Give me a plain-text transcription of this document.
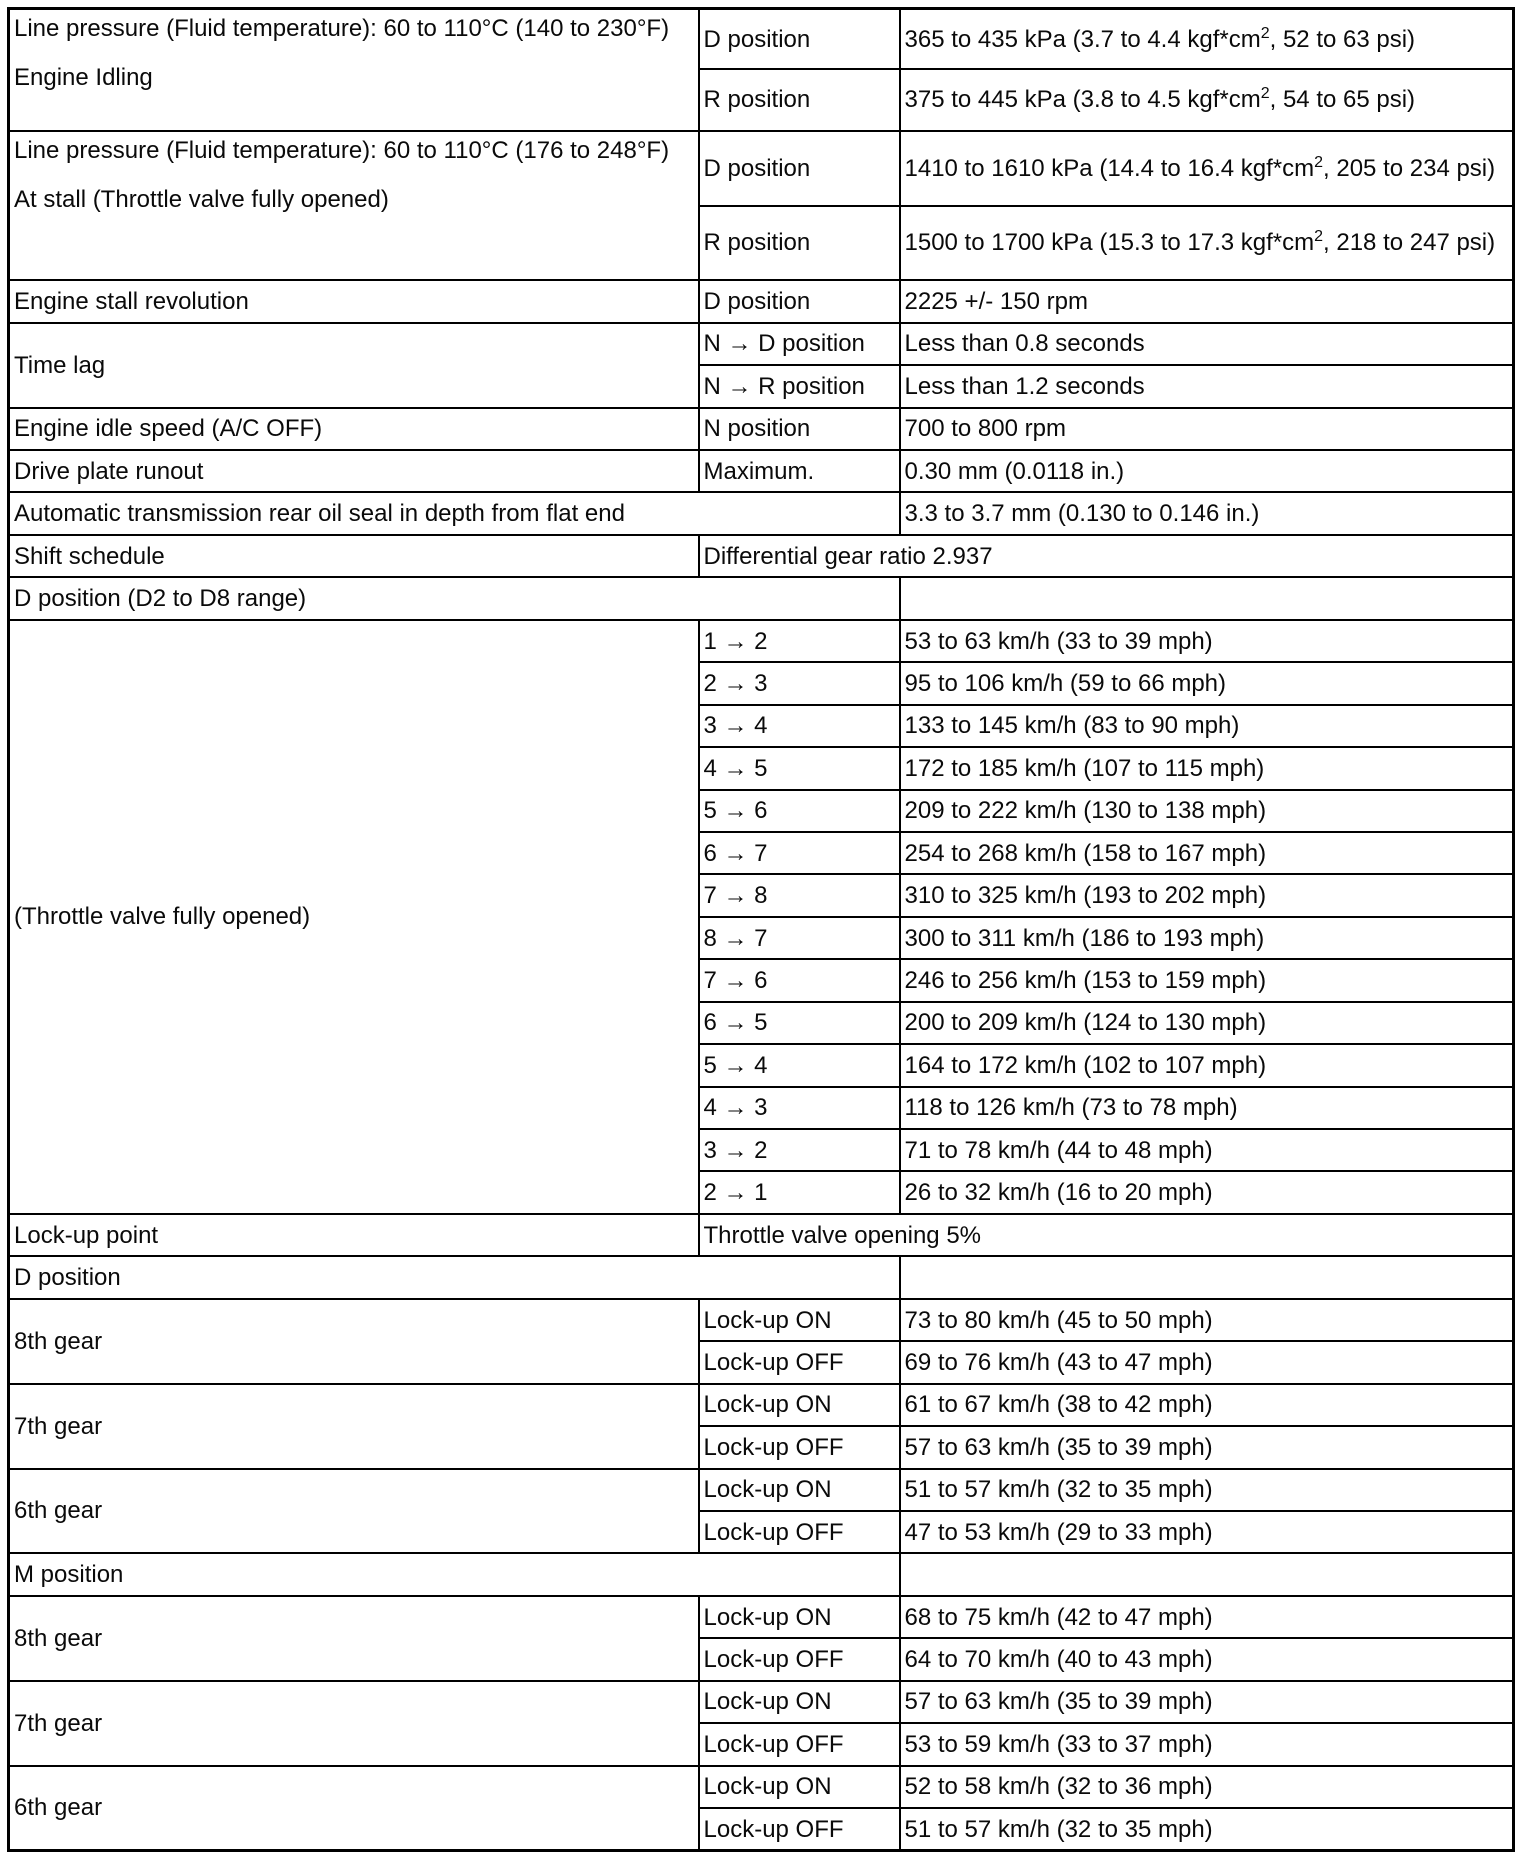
Line pressure (Fluid temperature): 60 to 110°C (140 to 230°F)
Engine Idling	D position	365 to 435 kPa (3.7 to 4.4 $kgf*cm^2$, 52 to 63 psi)
	R position	375 to 445 kPa (3.8 to 4.5 $kgf*cm^2$, 54 to 65 psi)
Line pressure (Fluid temperature): 60 to 110°C (176 to 248°F)
At stall (Throttle valve fully opened)	D position	1410 to 1610 kPa (14.4 to 16.4 $kgf*cm^2$, 205 to 234 psi)
	R position	1500 to 1700 kPa (15.3 to 17.3 $kgf*cm^2$, 218 to 247 psi)
Engine stall revolution	D position	2225 +/- 150 rpm
Time lag	N → D position	Less than 0.8 seconds
	N → R position	Less than 1.2 seconds
Engine idle speed (A/C OFF)	N position	700 to 800 rpm
Drive plate runout	Maximum.	0.30 mm (0.0118 in.)
Automatic transmission rear oil seal in depth from flat end		3.3 to 3.7 mm (0.130 to 0.146 in.)
Shift schedule	Differential gear ratio 2.937	
D position (D2 to D8 range)		
(Throttle valve fully opened)	1 → 2	53 to 63 km/h (33 to 39 mph)
	2 → 3	95 to 106 km/h (59 to 66 mph)
	3 → 4	133 to 145 km/h (83 to 90 mph)
	4 → 5	172 to 185 km/h (107 to 115 mph)
	5 → 6	209 to 222 km/h (130 to 138 mph)
	6 → 7	254 to 268 km/h (158 to 167 mph)
	7 → 8	310 to 325 km/h (193 to 202 mph)
	8 → 7	300 to 311 km/h (186 to 193 mph)
	7 → 6	246 to 256 km/h (153 to 159 mph)
	6 → 5	200 to 209 km/h (124 to 130 mph)
	5 → 4	164 to 172 km/h (102 to 107 mph)
	4 → 3	118 to 126 km/h (73 to 78 mph)
	3 → 2	71 to 78 km/h (44 to 48 mph)
	2 → 1	26 to 32 km/h (16 to 20 mph)
Lock-up point	Throttle valve opening 5%	
D position		
8th gear	Lock-up ON	73 to 80 km/h (45 to 50 mph)
	Lock-up OFF	69 to 76 km/h (43 to 47 mph)
7th gear	Lock-up ON	61 to 67 km/h (38 to 42 mph)
	Lock-up OFF	57 to 63 km/h (35 to 39 mph)
6th gear	Lock-up ON	51 to 57 km/h (32 to 35 mph)
	Lock-up OFF	47 to 53 km/h (29 to 33 mph)
M position		
8th gear	Lock-up ON	68 to 75 km/h (42 to 47 mph)
	Lock-up OFF	64 to 70 km/h (40 to 43 mph)
7th gear	Lock-up ON	57 to 63 km/h (35 to 39 mph)
	Lock-up OFF	53 to 59 km/h (33 to 37 mph)
6th gear	Lock-up ON	52 to 58 km/h (32 to 36 mph)
	Lock-up OFF	51 to 57 km/h (32 to 35 mph)
